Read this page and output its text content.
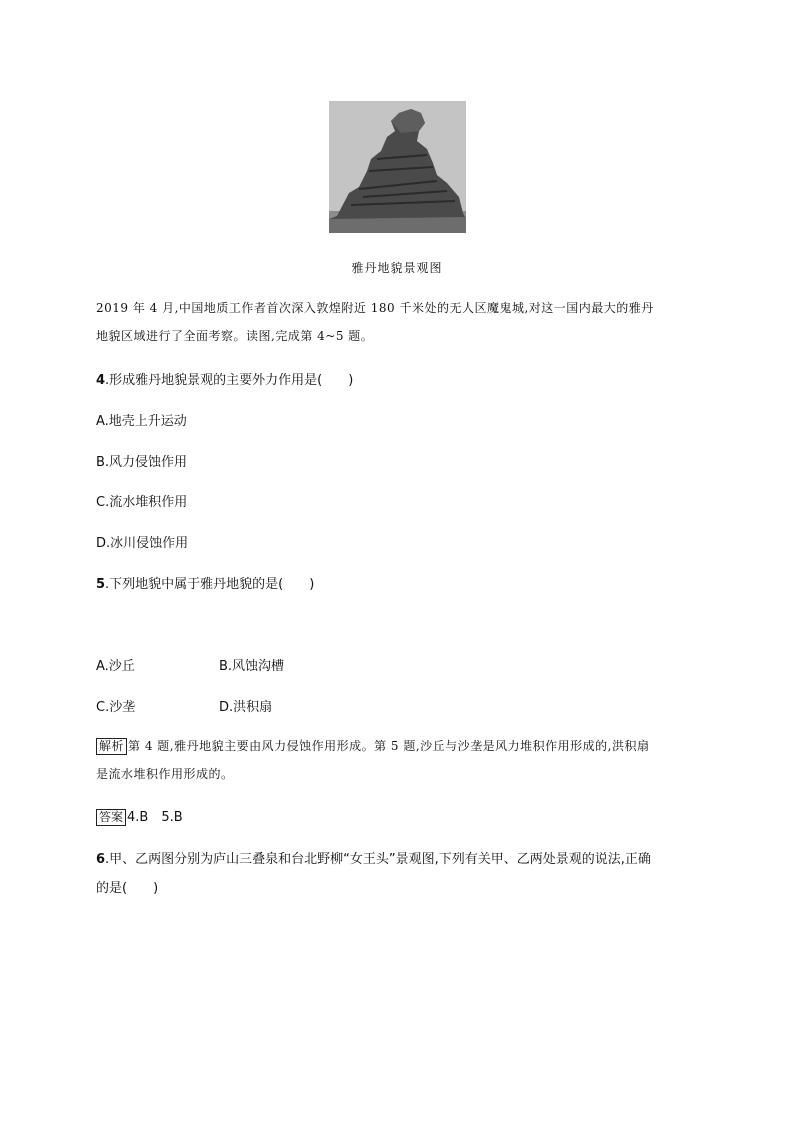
雅丹地貌景观图
2019 年 4 月,中国地质工作者首次深入敦煌附近 180 千米处的无人区魔鬼城,对这一国内最大的雅丹
地貌区域进行了全面考察。读图,完成第 4~5 题。
4.形成雅丹地貌景观的主要外力作用是(　　)
A.地壳上升运动
B.风力侵蚀作用
C.流水堆积作用
D.冰川侵蚀作用
5.下列地貌中属于雅丹地貌的是(　　)
A.沙丘	B.风蚀沟槽
C.沙垄	D.洪积扇
解析 第 4 题,雅丹地貌主要由风力侵蚀作用形成。第 5 题,沙丘与沙垄是风力堆积作用形成的,洪积扇
是流水堆积作用形成的。
答案 4.B　5.B
6.甲、乙两图分别为庐山三叠泉和台北野柳“女王头”景观图,下列有关甲、乙两处景观的说法,正确
的是(　　)
